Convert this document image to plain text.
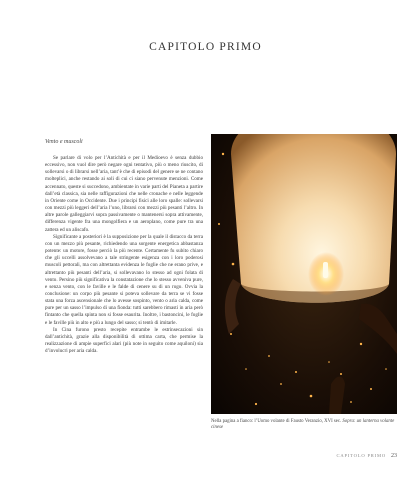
CAPITOLO PRIMO
Vento e muscoli

Se parlare di volo per l’Antichità e per il Medioevo è senza dubbio eccessivo, non vuol dire però negare ogni tentativo, più o meno riuscito, di sollevarsi o di librarsi nell’aria, tant’è che di episodi del genere se ne contano molteplici, anche restando ai soli di cui ci siano pervenute menzioni. Come accennato, queste si succedono, ambientate in varie parti del Pianeta a partire dall’età classica, sia nelle raffigurazioni che nelle cronache e nelle leggende in Oriente come in Occidente. Due i principi fisici alle loro spalle: sollevarsi con mezzi più leggeri dell’aria l’uno, librarsi con mezzi più pesanti l’altro. In altre parole galleggiarvi sopra passivamente o mantenersi sopra attivamente, differenza vigente fra una mongolfiera e un aeroplano, come pure tra una zattera ed un aliscafo.

Significante a posteriori è la supposizione per la quale il distacco da terra con un mezzo più pesante, richiedendo una sorgente energetica abbastanza potente: un motore, fosse perciò la più recente. Certamente fu subito chiaro che gli uccelli assolvevano a tale stringente esigenza con i loro poderosi muscoli pettorali, ma con altrettanta evidenza le foglie che ne erano prive, e altrettanto più pesanti dell’aria, si sollevavano lo stesso ad ogni folata di vento. Persino più significativa la constatazione che lo stesso avveniva pure, e senza vento, con le faville e le falde di cenere su di un rogo. Ovvia la conclusione: un corpo più pesante si poteva sollevare da terra se vi fosse stata una forza ascensionale che lo avesse sospinto, vento o aria calda, come pure per un sasso l’impulso di una fionda: tutti sarebbero rimasti in aria però fintanto che quella spinta non si fosse esaurita. Inoltre, i bastoncini, le foglie e le faville più in alto e più a lungo del sasso; si tentò di imitarle.

In Cina furono presto recepite entrambe le estrinsecazioni sin dall’antichità, grazie alla disponibilità di ottima carta, che permise la realizzazione di ampie superfici alari (più note in seguito come aquiloni) sia d’involucri per aria calda.

Nella pagina a fianco: l’Uomo volante di Fausto Veranzio, XVI sec. Sopra: un lanterna volante cinese
CAPITOLO PRIMO 23
